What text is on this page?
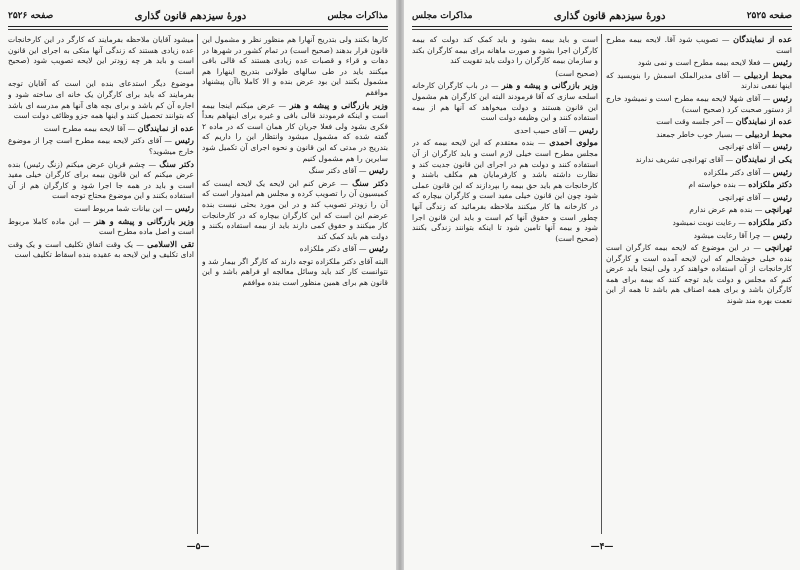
مذاکرات مجلس
دورهٔ سیزدهم قانون گذاری
صفحه ۲۵۲۶

کارها بکنند ولی بتدریج آنهارا هم منظور نظر و مشمول این قانون قرار بدهند (صحیح است) در تمام کشور در شهرها در دهات و قراء و قصبات عده زیادی هستند که قالی بافی میکنند باید در طی سالهای طولانی بتدریج اینهارا هم مشمول بکنند این بود عرض بنده و الا کاملا باآن پیشنهاد موافقم

وزیر بازرگانی و پیشه و هنر — عرض میکنم اینجا بیمه است و اینکه فرمودند قالی بافی و غیره برای اینهاهم بعداً فکری بشود ولی فعلا جریان کار همان است که در ماده ۲ گفته شده که مشمول میشود وانتظار این را داریم که بتدریج در مدتی که این قانون و نحوه اجرای آن تکمیل شود سایرین را هم مشمول کنیم

رئیس — آقای دکتر سنگ

دکتر سنگ — عرض کنم این لایحه یک لایحه ایست که کمیسیون آن را تصویب کرده و مجلس هم امیدوار است که آن را زودتر تصویب کند و در این مورد بحثی نیست بنده عرضم این است که این کارگران بیچاره که در کارخانجات کار میکنند و حقوق کمی دارند باید از بیمه استفاده بکنند و دولت هم باید کمک کند

رئیس — آقای دکتر ملکزاده

البته آقای دکتر ملکزاده توجه دارند که کارگر اگر بیمار شد و نتوانست کار کند باید وسائل معالجه او فراهم باشد و این قانون هم برای همین منظور است بنده موافقم

میشود آقایان ملاحظه بفرمایند که کارگر در این کارخانجات عده زیادی هستند که زندگی آنها متکی به اجرای این قانون است و باید هر چه زودتر این لایحه تصویب شود (صحیح است)

موضوع دیگر استدعای بنده این است که آقایان توجه بفرمایند که باید برای کارگران یک خانه ای ساخته شود و اجاره آن کم باشد و برای بچه های آنها هم مدرسه ای باشد که بتوانند تحصیل کنند و اینها همه جزو وظائف دولت است

عده از نمایندگان — آقا لایحه بیمه مطرح است

رئیس — آقای دکتر لایحه بیمه مطرح است چرا از موضوع خارج میشوید؟

دکتر سنگ — چشم قربان عرض میکنم (زنگ رئیس) بنده عرض میکنم که این قانون بیمه برای کارگران خیلی مفید است و باید در همه جا اجرا شود و کارگران هم از آن استفاده بکنند و این موضوع محتاج توجه است

رئیس — این بیانات شما مربوط است

وزیر بازرگانی و پیشه و هنر — این ماده کاملا مربوط است و اصل ماده مطرح است

تقی الاسلامی — یک وقت اتفاق تکلیف است و یک وقت ادای تکلیف و این لایحه به عقیده بنده اسقاط تکلیف است

—۵—
صفحه ۲۵۲۵
دورهٔ سیزدهم قانون گذاری
مذاکرات مجلس

عده از نمایندگان — تصویب شود آقا. لایحه بیمه مطرح است

رئیس — فعلا لایحه بیمه مطرح است و نمی شود

محیط اردبیلی — آقای مدیرالملک اسمش را بنویسید که اینها نفعی ندارند

رئیس — آقای شهلا لایحه بیمه مطرح است و نمیشود خارج از دستور صحبت کرد (صحیح است)

عده از نمایندگان — آخر جلسه وقت است

محیط اردبیلی — بسیار خوب خاطر جمعند

رئیس — آقای تهرانچی

یکی از نمایندگان — آقای تهرانچی تشریف ندارند

رئیس — آقای دکتر ملکزاده

دکتر ملکزاده — بنده خواسته ام

رئیس — آقای تهرانچی

تهرانچی — بنده هم عرض ندارم

دکتر ملکزاده — رعایت نوبت نمیشود

رئیس — چرا آقا رعایت میشود

تهرانچی — در این موضوع که لایحه بیمه کارگران است بنده خیلی خوشحالم که این لایحه آمده است و کارگران کارخانجات از آن استفاده خواهند کرد ولی اینجا باید عرض کنم که مجلس و دولت باید توجه کنند که بیمه برای همه کارگران باشد و برای همه اصناف هم باشد تا همه از این نعمت بهره مند شوند

است و باید بیمه بشود و باید کمک کند دولت که بیمه کارگران اجرا بشود و صورت ماهانه برای بیمه کارگران بکند و سازمان بیمه کارگران را دولت باید تقویت کند

(صحیح است)

وزیر بازرگانی و پیشه و هنر — در باب کارگران کارخانه اسلحه سازی که آقا فرمودند البته این کارگران هم مشمول این قانون هستند و دولت میخواهد که آنها هم از بیمه استفاده کنند و این وظیفه دولت است

رئیس — آقای حبیب احدی

مولوی احمدی — بنده معتقدم که این لایحه بیمه که در مجلس مطرح است خیلی لازم است و باید کارگران از آن استفاده کنند و دولت هم در اجرای این قانون جدیت کند و نظارت داشته باشد و کارفرمایان هم مکلف باشند و کارخانجات هم باید حق بیمه را بپردازند که این قانون عملی شود چون این قانون خیلی مفید است و کارگران بیچاره که در کارخانه ها کار میکنند ملاحظه بفرمائید که زندگی آنها چطور است و حقوق آنها کم است و باید این قانون اجرا شود و بیمه آنها تامین شود تا اینکه بتوانند زندگی بکنند (صحیح است)

—۴—
